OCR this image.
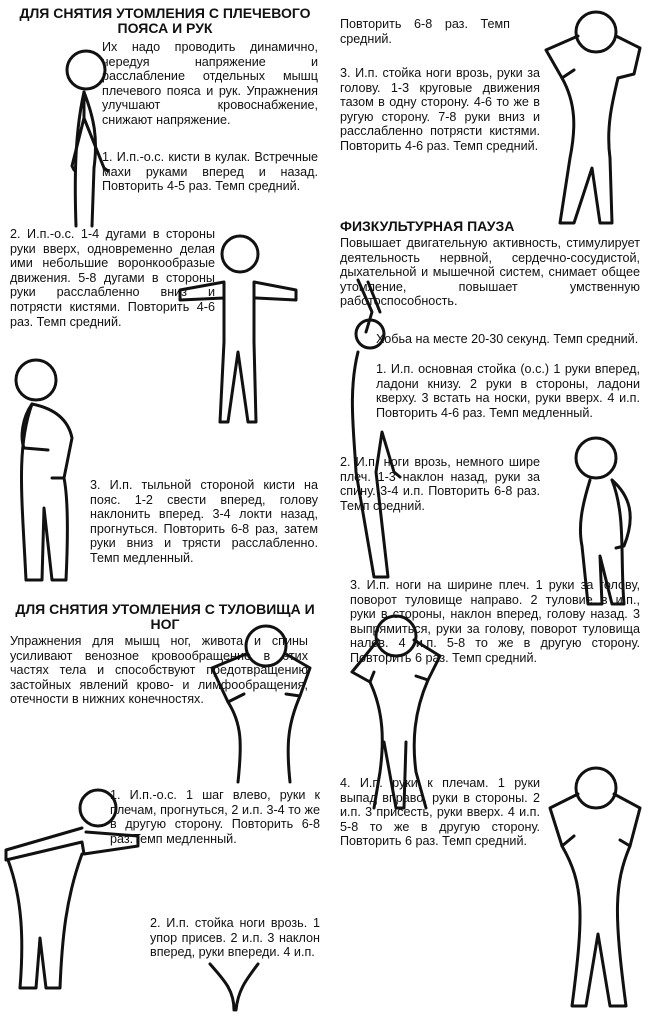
ДЛЯ СНЯТИЯ УТОМЛЕНИЯ С ПЛЕЧЕВОГО ПОЯСА И РУК

Их надо проводить динамично, чередуя напряжение и расслабление отдельных мышц плечевого пояса и рук. Упражнения улучшают кровоснабжение, снижают напряжение.

1. И.п.-о.с. кисти в кулак. Встречные махи руками вперед и назад. Повторить 4-5 раз. Темп средний.

2. И.п.-о.с. 1-4 дугами в стороны руки вверх, одновременно делая ими небольшие воронкообразые движения. 5-8 дугами в стороны руки расслабленно вниз и потрясти кистями. Повторить 4-6 раз. Темп средний.

3. И.п. тыльной стороной кисти на пояс. 1-2 свести вперед, голову наклонить вперед. 3-4 локти назад, прогнуться. Повторить 6-8 раз, затем руки вниз и трясти расслабленно. Темп медленный.

ДЛЯ СНЯТИЯ УТОМЛЕНИЯ С ТУЛОВИЩА И НОГ

Упражнения для мышц ног, живота и спины усиливают венозное кровообращение в этих частях тела и способствуют предотвращению застойных явлений крово- и лимфообращения, отечности в нижних конечностях.

1. И.п.-о.с. 1 шаг влево, руки к плечам, прогнуться, 2 и.п. 3-4 то же в другую сторону. Повторить 6-8 раз.Темп медленный.

2. И.п. стойка ноги врозь. 1 упор присев. 2 и.п. 3 наклон вперед, руки впереди. 4 и.п.

Повторить 6-8 раз. Темп средний.

3. И.п. стойка ноги врозь, руки за голову. 1-3 круговые движения тазом в одну сторону. 4-6 то же в ругую сторону. 7-8 руки вниз и расслабленно потрясти кистями. Повторить 4-6 раз. Темп средний.

ФИЗКУЛЬТУРНАЯ ПАУЗА

Повышает двигательную активность, стимулирует деятельность нервной, сердечно-сосудистой, дыхательной и мышечной систем, снимает общее утомление, повышает умственную работоспособность.

Хобьа на месте 20-30 секунд. Темп средний.

1. И.п. основная стойка (о.с.) 1 руки вперед, ладони книзу. 2 руки в стороны, ладони кверху. 3 встать на носки, руки вверх. 4 и.п. Повторить 4-6 раз. Темп медленный.

2. И.п. ноги врозь, немного шире плеч. 1-3 наклон назад, руки за спину. 3-4 и.п. Повторить 6-8 раз. Темп средний.

3. И.п. ноги на ширине плеч. 1 руки за голову, поворот туловище направо. 2 туловие в и.п., руки в стороны, наклон вперед, голову назад. 3 выпрямиться, руки за голову, поворот туловища налев. 4 и.п. 5-8 то же в другую сторону. Повторить 6 раз. Темп средний.

4. И.п. руки к плечам. 1 руки выпад вправо, руки в стороны. 2 и.п. 3 присесть, руки вверх. 4 и.п. 5-8 то же в другую сторону. Повторить 6 раз. Темп средний.
